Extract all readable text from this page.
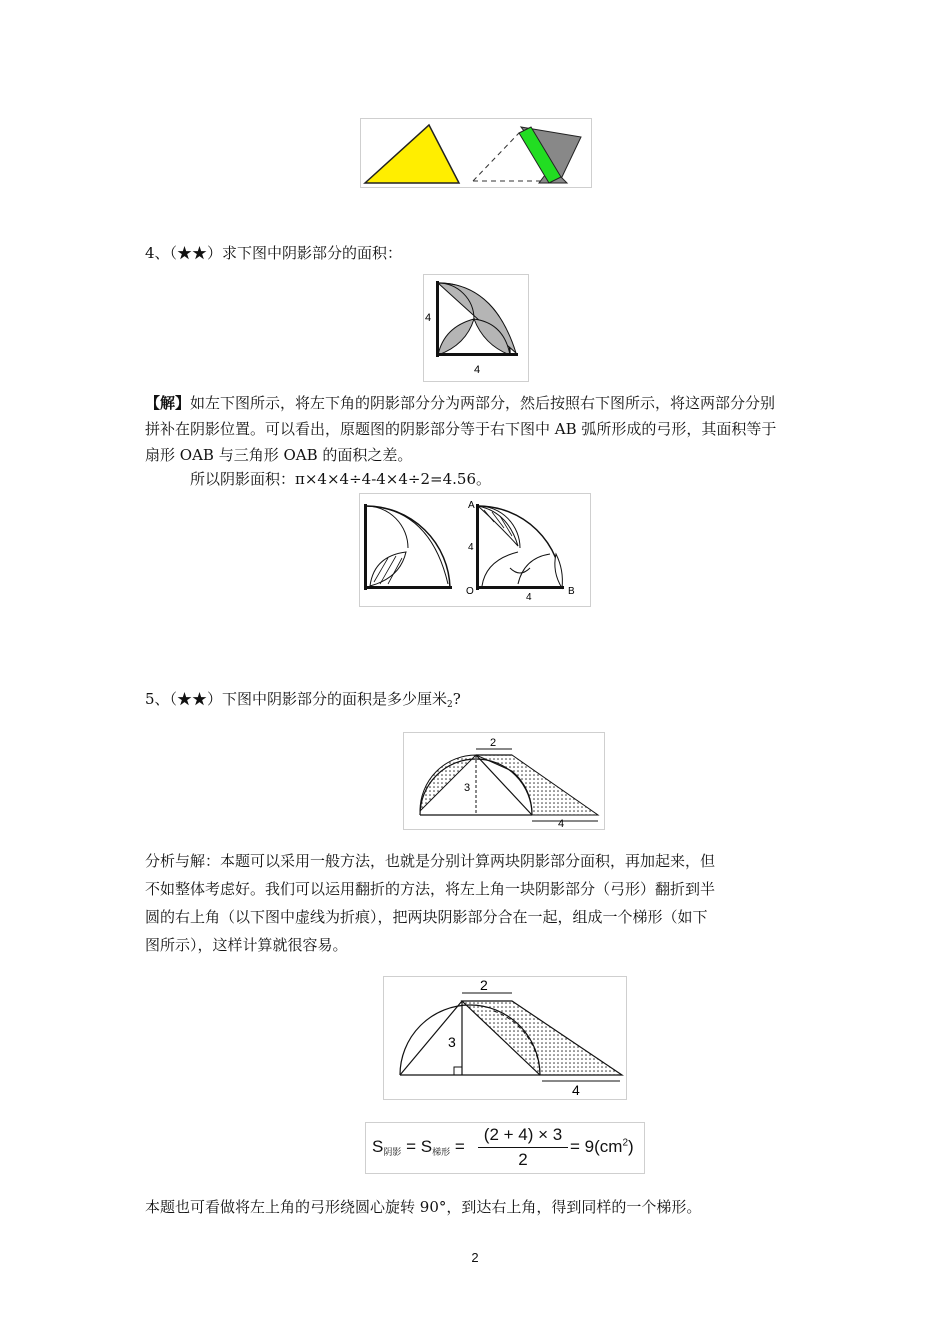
4、（★★）求下图中阴影部分的面积：
4
4
【解】如左下图所示，将左下角的阴影部分分为两部分，然后按照右下图所示，将这两部分分别
拼补在阴影位置。可以看出，原题图的阴影部分等于右下图中 AB 弧所形成的弓形，其面积等于
扇形 OAB 与三角形 OAB 的面积之差。
所以阴影面积：π×4×4÷4-4×4÷2=4.56。
A
4
O	B
4
5、（★★）下图中阴影部分的面积是多少厘米$_2$?
2
3
4
分析与解：本题可以采用一般方法，也就是分别计算两块阴影部分面积，再加起来，但
不如整体考虑好。我们可以运用翻折的方法，将左上角一块阴影部分（弓形）翻折到半
圆的右上角（以下图中虚线为折痕），把两块阴影部分合在一起，组成一个梯形（如下
图所示），这样计算就很容易。
2
3
4
$S_{阴影} = S_{梯形}$ =
(2 + 4) × 3
2
= $9(cm^2)$
本题也可看做将左上角的弓形绕圆心旋转 90°，到达右上角，得到同样的一个梯形。
2
